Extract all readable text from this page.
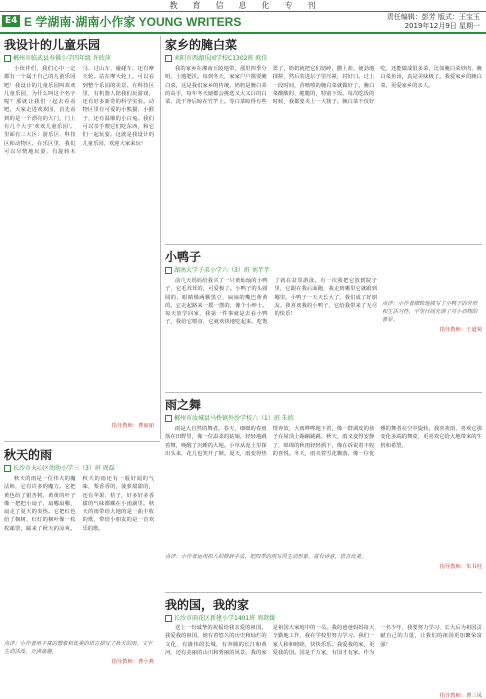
教 育 信 息 化 专 刊
E4 E 学湖南·湖南小作家 YOUNG WRITERS	责任编辑：彭芳 版式：王宝玉
2019年12月9日 星期一
我设计的儿童乐园
郴州市临武县寿佛小学四年级 许欣萍
小伙伴们，我们心中一定都有一个属于自己的儿童乐园吧！我设计的儿童乐园叫欢欢儿童乐园，为什么叫这个名字呢？那就让我们一起去看看吧。大家走进欢欢园，首先看到的是一个漂亮的大门，门上有几个大字'欢欢儿童乐园'。里面有三大区：游乐区、科技区和动物区。在乐区里，我们可以尽情地玩耍，有旋转木马、过山车、碰碰车，还有摩天轮。站在摩天轮上，可以看到整个乐园的美景。在科技区里，有机器人陪我们玩游戏，还有好多新奇的科学实验。动物区里有可爱的小熊猫、小猴子，还有温顺的小白兔。我们可以亲手喂它们吃东西，和它们一起玩耍。这就是我设计的儿童乐园，欢迎大家来玩！
指导教师：曹丽丽
家乡的腌白菜
耒阳市西湖乐园学校C1302班 欧佳
我的家乡在湘南丘陵地带，那里四季分明，土地肥沃。每到冬天，家家户户都要腌白菜，这是我们家乡的传统。奶奶是腌白菜的高手，每年冬天她都会挑选又大又白的白菜，洗干净后晾在竹竿上。等白菜晾得有些蔫了，奶奶就把它们切碎，撒上盐，使劲地揉搓，然后装进坛子里压紧，封好口。过上一段时间，香喷喷的腌白菜就做好了。腌白菜酸酸的、脆脆的，特别下饭。每次吃饭的时候，我都要夹上一大筷子。腌白菜不仅好吃，还能做成很多菜，比如腌白菜炒肉、腌白菜鱼汤，真是美味极了。我爱家乡的腌白菜，更爱家乡的亲人。
小鸭子
湖南大学子弟小学六（3）班 刘芊芊
前几天妈妈给我买了一只黄灿灿的小鸭子，它毛茸茸的，可爱极了。小鸭子的头圆圆的，眼睛像两颗黑豆，扁扁的嘴巴黄黄的。它走起路来一摇一摆的，像个小绅士。每天放学回家，我第一件事就是去看小鸭子。我给它喂食，它就欢快地吃起来，吃饱了就在盆里游泳。有一次我把它放到院子里，它跟在我后面跑，我走到哪里它就跟到哪里。小鸭子一天天长大了，我们成了好朋友。我喜欢我的小鸭子，它给我带来了无尽的快乐！
点评：小作者细致地描写了小鸭子的外形和生活习性，字里行间充满了对小动物的喜爱。
指导教师：王道菊
雨之舞
郴州市汝城县马桥镇外沙学校六（1）班 朱欣
雨是大自然的舞者。春天，细细的春雨落在田野里，像一位温柔的姑娘，轻轻地跳着舞，唤醒了沉睡的大地。小草从泥土里探出头来，花儿也笑开了颜。夏天，雨变得热情奔放，大雨哗哗地下着，像一群调皮的孩子在屋顶上蹦蹦跳跳。秋天，雨又变得安静了，绵绵的秋雨轻轻洒下，像在诉说着丰收的喜悦。冬天，雨夹着雪花飘落，像一位优雅的舞者在空中旋转。我喜欢雨，喜欢它那变化多端的舞姿，更喜欢它给大地带来的生机和希望。
点评：小作者运用拟人的修辞手法，把四季的雨写得生动形象，富有诗意，语言优美。
指导教师：朱书桂
秋天的雨
长沙市天心区幼幼小学三（3）班 周磊
秋天的雨是一位伟大的魔法师，它有许多的魔力。它把黄色给了银杏树，黄黄的叶子像一把把小扇子，扇哪扇哪，扇走了夏天的炎热。它把红色给了枫树，红红的枫叶像一枚枚邮票，邮来了秋天的凉爽。秋天的雨还有一股好闻的气味，梨香香的，菠萝甜甜的，还有苹果、桔子，好多好多香甜的气味都藏在小雨滴里。秋天的雨带给大地的是一曲丰收的歌，带给小朋友的是一首欢乐的歌。
点评：小作者用丰富的想象和优美的语言描写了秋天的雨，文字生动活泼，充满童趣。
指导教师：曹小燕
我的国，我的家
长沙市雨花区新建小学1401班 周歆媛
送上一份诚挚的祝福给我亲爱的祖国。我爱我的祖国，她有着悠久的历史和灿烂的文化，有雄伟的长城，有奔腾的长江和黄河，还有美丽的山川和秀丽的风景。我的家是祖国大家庭中的一员。我的爸爸妈妈每天辛勤地工作，我在学校里努力学习。我们一家人和和睦睦，快快乐乐。我爱我的家，更爱我的国。国是千万家，有国才有家。作为一名少年，我要努力学习，长大后为祖国贡献自己的力量，让我们的祖国更加繁荣富强！
指导教师：曹三凤
